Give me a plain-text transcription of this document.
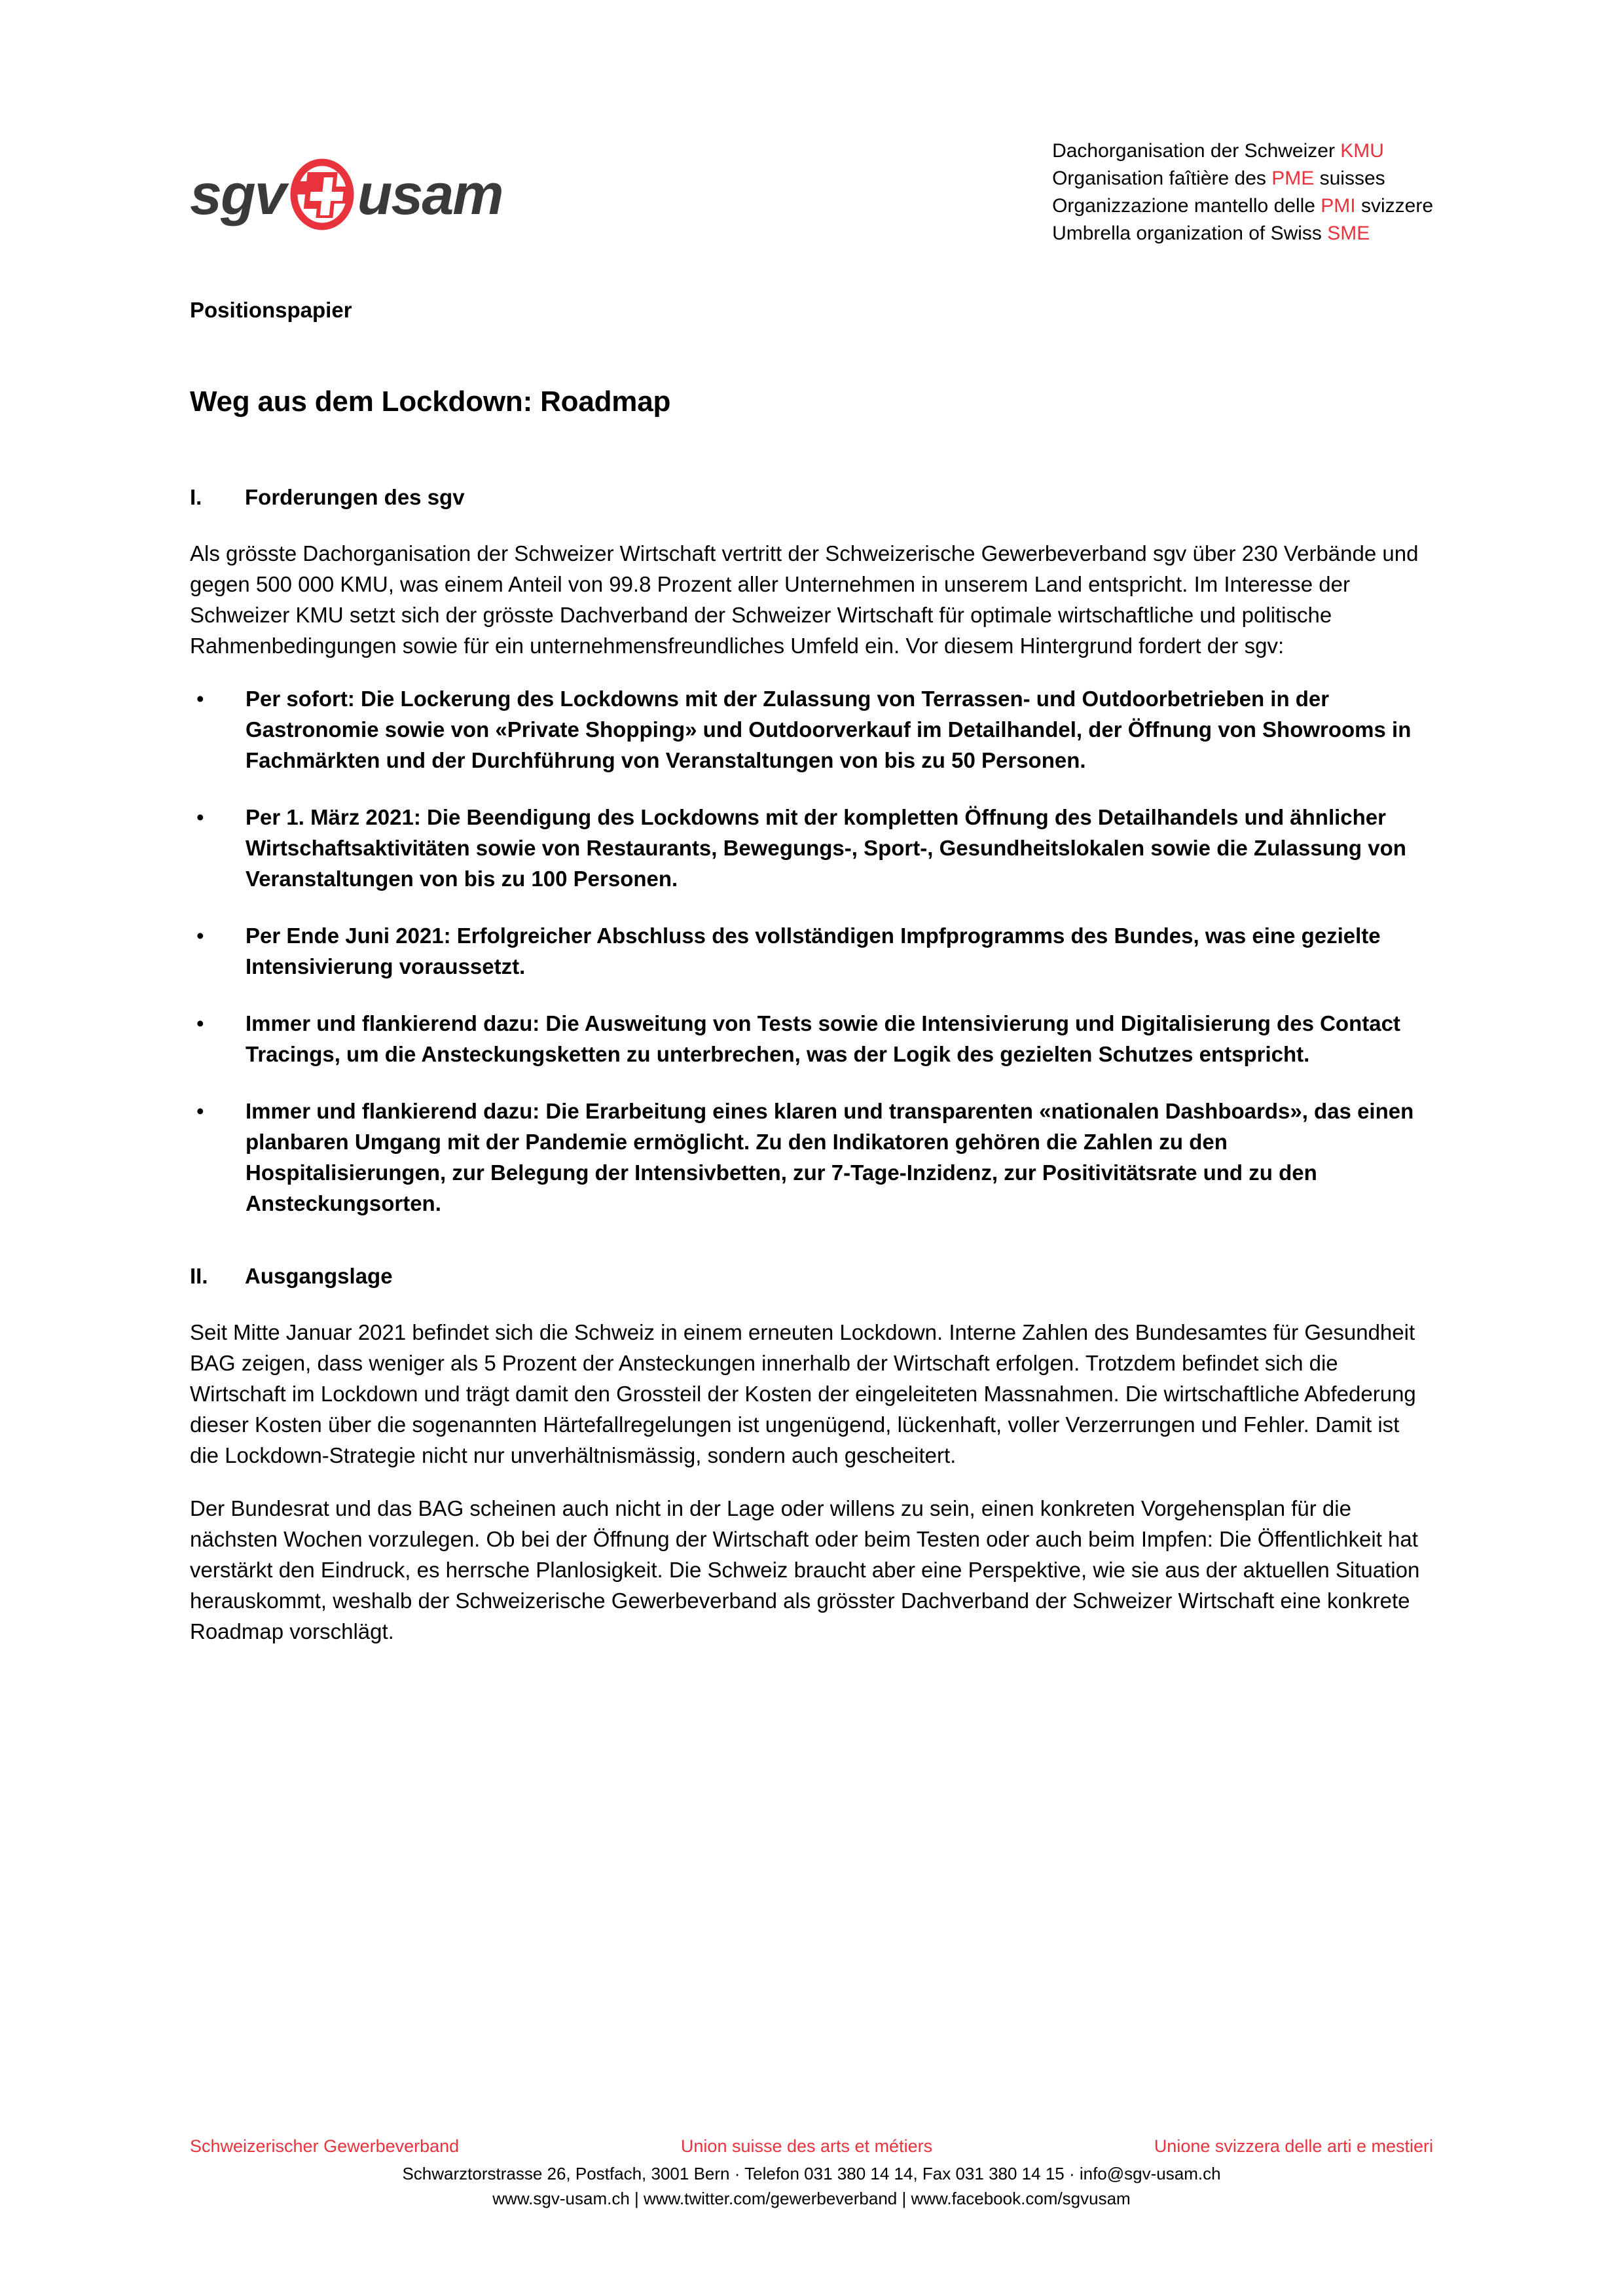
sgv usam
Dachorganisation der Schweizer KMU
Organisation faîtière des PME suisses
Organizzazione mantello delle PMI svizzere
Umbrella organization of Swiss SME
Positionspapier
Weg aus dem Lockdown: Roadmap
I.	Forderungen des sgv

Als grösste Dachorganisation der Schweizer Wirtschaft vertritt der Schweizerische Gewerbeverband sgv über 230 Verbände und gegen 500 000 KMU, was einem Anteil von 99.8 Prozent aller Unternehmen in unserem Land entspricht. Im Interesse der Schweizer KMU setzt sich der grösste Dachverband der Schweizer Wirtschaft für optimale wirtschaftliche und politische Rahmenbedingungen sowie für ein unternehmensfreundliches Umfeld ein. Vor diesem Hintergrund fordert der sgv:

• Per sofort: Die Lockerung des Lockdowns mit der Zulassung von Terrassen- und Outdoorbetrieben in der Gastronomie sowie von «Private Shopping» und Outdoorverkauf im Detailhandel, der Öffnung von Showrooms in Fachmärkten und der Durchführung von Veranstaltungen von bis zu 50 Personen.
• Per 1. März 2021: Die Beendigung des Lockdowns mit der kompletten Öffnung des Detailhandels und ähnlicher Wirtschaftsaktivitäten sowie von Restaurants, Bewegungs-, Sport-, Gesundheitslokalen sowie die Zulassung von Veranstaltungen von bis zu 100 Personen.
• Per Ende Juni 2021: Erfolgreicher Abschluss des vollständigen Impfprogramms des Bundes, was eine gezielte Intensivierung voraussetzt.
• Immer und flankierend dazu: Die Ausweitung von Tests sowie die Intensivierung und Digitalisierung des Contact Tracings, um die Ansteckungsketten zu unterbrechen, was der Logik des gezielten Schutzes entspricht.
• Immer und flankierend dazu: Die Erarbeitung eines klaren und transparenten «nationalen Dashboards», das einen planbaren Umgang mit der Pandemie ermöglicht. Zu den Indikatoren gehören die Zahlen zu den Hospitalisierungen, zur Belegung der Intensivbetten, zur 7-Tage-Inzidenz, zur Positivitätsrate und zu den Ansteckungsorten.
II.	Ausgangslage

Seit Mitte Januar 2021 befindet sich die Schweiz in einem erneuten Lockdown. Interne Zahlen des Bundesamtes für Gesundheit BAG zeigen, dass weniger als 5 Prozent der Ansteckungen innerhalb der Wirtschaft erfolgen. Trotzdem befindet sich die Wirtschaft im Lockdown und trägt damit den Grossteil der Kosten der eingeleiteten Massnahmen. Die wirtschaftliche Abfederung dieser Kosten über die sogenannten Härtefallregelungen ist ungenügend, lückenhaft, voller Verzerrungen und Fehler. Damit ist die Lockdown-Strategie nicht nur unverhältnismässig, sondern auch gescheitert.

Der Bundesrat und das BAG scheinen auch nicht in der Lage oder willens zu sein, einen konkreten Vorgehensplan für die nächsten Wochen vorzulegen. Ob bei der Öffnung der Wirtschaft oder beim Testen oder auch beim Impfen: Die Öffentlichkeit hat verstärkt den Eindruck, es herrsche Planlosigkeit. Die Schweiz braucht aber eine Perspektive, wie sie aus der aktuellen Situation herauskommt, weshalb der Schweizerische Gewerbeverband als grösster Dachverband der Schweizer Wirtschaft eine konkrete Roadmap vorschlägt.

Schweizerischer Gewerbeverband	Union suisse des arts et métiers	Unione svizzera delle arti e mestieri
Schwarztorstrasse 26, Postfach, 3001 Bern · Telefon 031 380 14 14, Fax 031 380 14 15 · info@sgv-usam.ch
www.sgv-usam.ch | www.twitter.com/gewerbeverband | www.facebook.com/sgvusam
